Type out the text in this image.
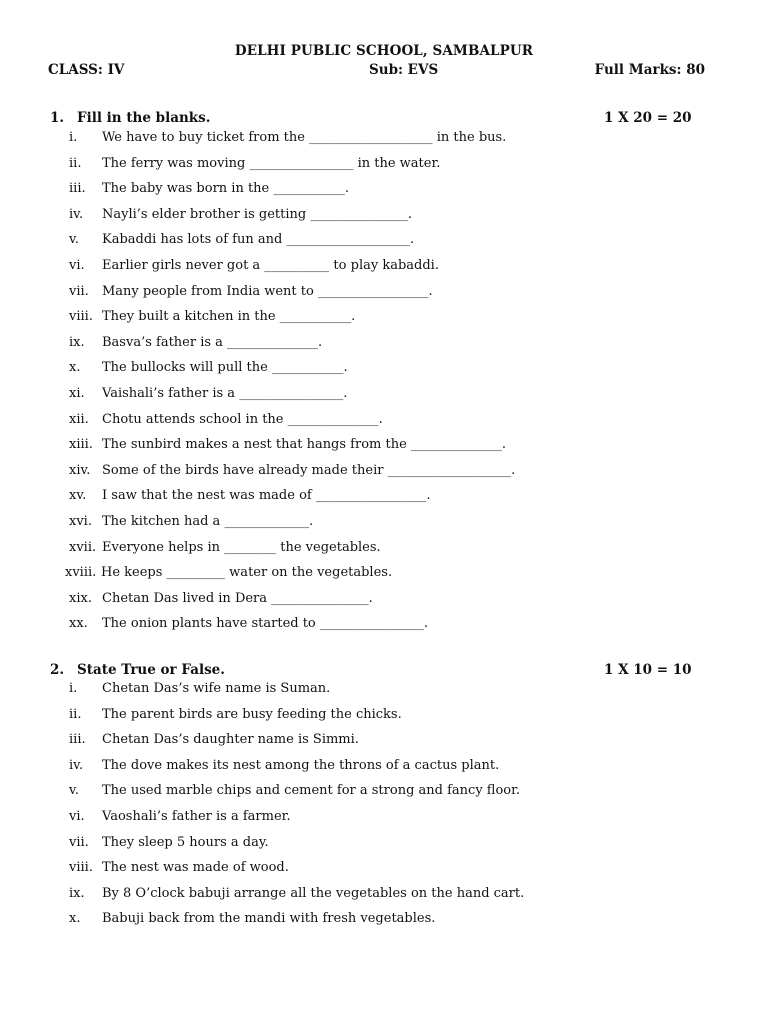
DELHI PUBLIC SCHOOL, SAMBALPUR
CLASS: IV	Sub: EVS	Full Marks: 80
1. Fill in the blanks.	1 X 20 = 20
i. We have to buy ticket from the ___________________ in the bus.
ii. The ferry was moving ________________ in the water.
iii. The baby was born in the ___________.
iv. Nayli’s elder brother is getting _______________.
v. Kabaddi has lots of fun and ___________________.
vi. Earlier girls never got a __________ to play kabaddi.
vii. Many people from India went to _________________.
viii. They built a kitchen in the ___________.
ix. Basva’s father is a ______________.
x. The bullocks will pull the ___________.
xi. Vaishali’s father is a ________________.
xii. Chotu attends school in the ______________.
xiii. The sunbird makes a nest that hangs from the ______________.
xiv. Some of the birds have already made their ___________________.
xv. I saw that the nest was made of _________________.
xvi. The kitchen had a _____________.
xvii. Everyone helps in ________ the vegetables.
xviii. He keeps _________ water on the vegetables.
xix. Chetan Das lived in Dera _______________.
xx. The onion plants have started to ________________.
2. State True or False.	1 X 10 = 10
i. Chetan Das’s wife name is Suman.
ii. The parent birds are busy feeding the chicks.
iii. Chetan Das’s daughter name is Simmi.
iv. The dove makes its nest among the throns of a cactus plant.
v. The used marble chips and cement for a strong and fancy floor.
vi. Vaoshali’s father is a farmer.
vii. They sleep 5 hours a day.
viii. The nest was made of wood.
ix. By 8 O’clock babuji arrange all the vegetables on the hand cart.
x. Babuji back from the mandi with fresh vegetables.
